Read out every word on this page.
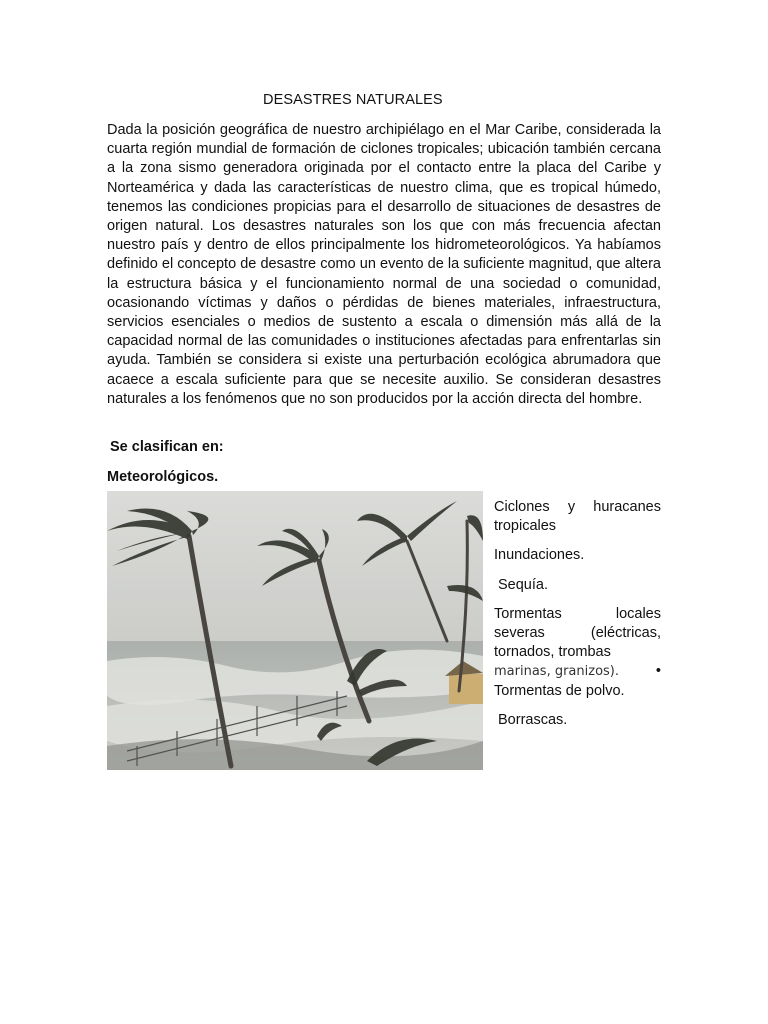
DESASTRES NATURALES

Dada la posición geográfica de nuestro archipiélago en el Mar Caribe, considerada la cuarta región mundial de formación de ciclones tropicales; ubicación también cercana a la zona sismo generadora originada por el contacto entre la placa del Caribe y Norteamérica y dada las características de nuestro clima, que es tropical húmedo, tenemos las condiciones propicias para el desarrollo de situaciones de desastres de origen natural. Los desastres naturales son los que con más frecuencia afectan nuestro país y dentro de ellos principalmente los hidrometeorológicos. Ya habíamos definido el concepto de desastre como un evento de la suficiente magnitud, que altera la estructura básica y el funcionamiento normal de una sociedad o comunidad, ocasionando víctimas y daños o pérdidas de bienes materiales, infraestructura, servicios esenciales o medios de sustento a escala o dimensión más allá de la capacidad normal de las comunidades o instituciones afectadas para enfrentarlas sin ayuda. También se considera si existe una perturbación ecológica abrumadora que acaece a escala suficiente para que se necesite auxilio. Se consideran desastres naturales a los fenómenos que no son producidos por la acción directa del hombre.

Se clasifican en:
Meteorológicos.

Ciclones y huracanes tropicales

Inundaciones.

Sequía.

Tormentas locales severas (eléctricas, tornados, trombas

marinas, granizos).	•

Tormentas de polvo.

Borrascas.
